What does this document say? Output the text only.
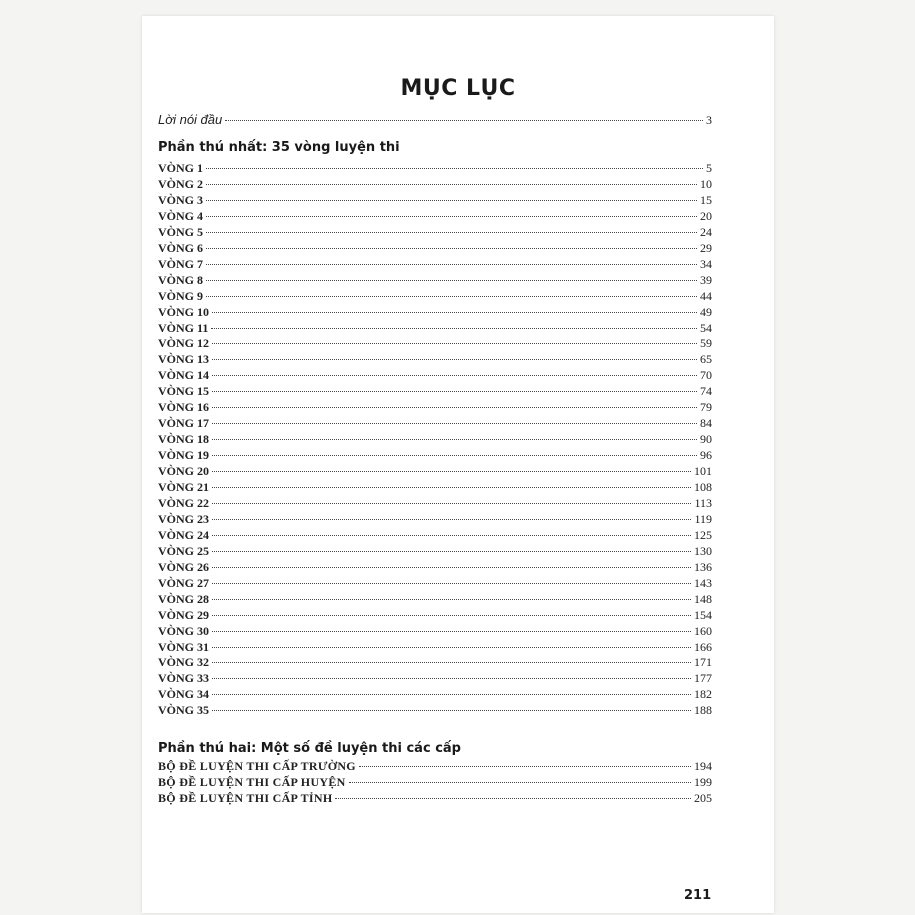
MỤC LỤC
Lời nói đầu	3
Phần thú nhất: 35 vòng luyện thi
VÒNG 1	5
VÒNG 2	10
VÒNG 3	15
VÒNG 4	20
VÒNG 5	24
VÒNG 6	29
VÒNG 7	34
VÒNG 8	39
VÒNG 9	44
VÒNG 10	49
VÒNG 11	54
VÒNG 12	59
VÒNG 13	65
VÒNG 14	70
VÒNG 15	74
VÒNG 16	79
VÒNG 17	84
VÒNG 18	90
VÒNG 19	96
VÒNG 20	101
VÒNG 21	108
VÒNG 22	113
VÒNG 23	119
VÒNG 24	125
VÒNG 25	130
VÒNG 26	136
VÒNG 27	143
VÒNG 28	148
VÒNG 29	154
VÒNG 30	160
VÒNG 31	166
VÒNG 32	171
VÒNG 33	177
VÒNG 34	182
VÒNG 35	188
Phần thú hai: Một số đề luyện thi các cấp
BỘ ĐỀ LUYỆN THI CẤP TRƯỜNG	194
BỘ ĐỀ LUYỆN THI CẤP HUYỆN	199
BỘ ĐỀ LUYỆN THI CẤP TỈNH	205
211
